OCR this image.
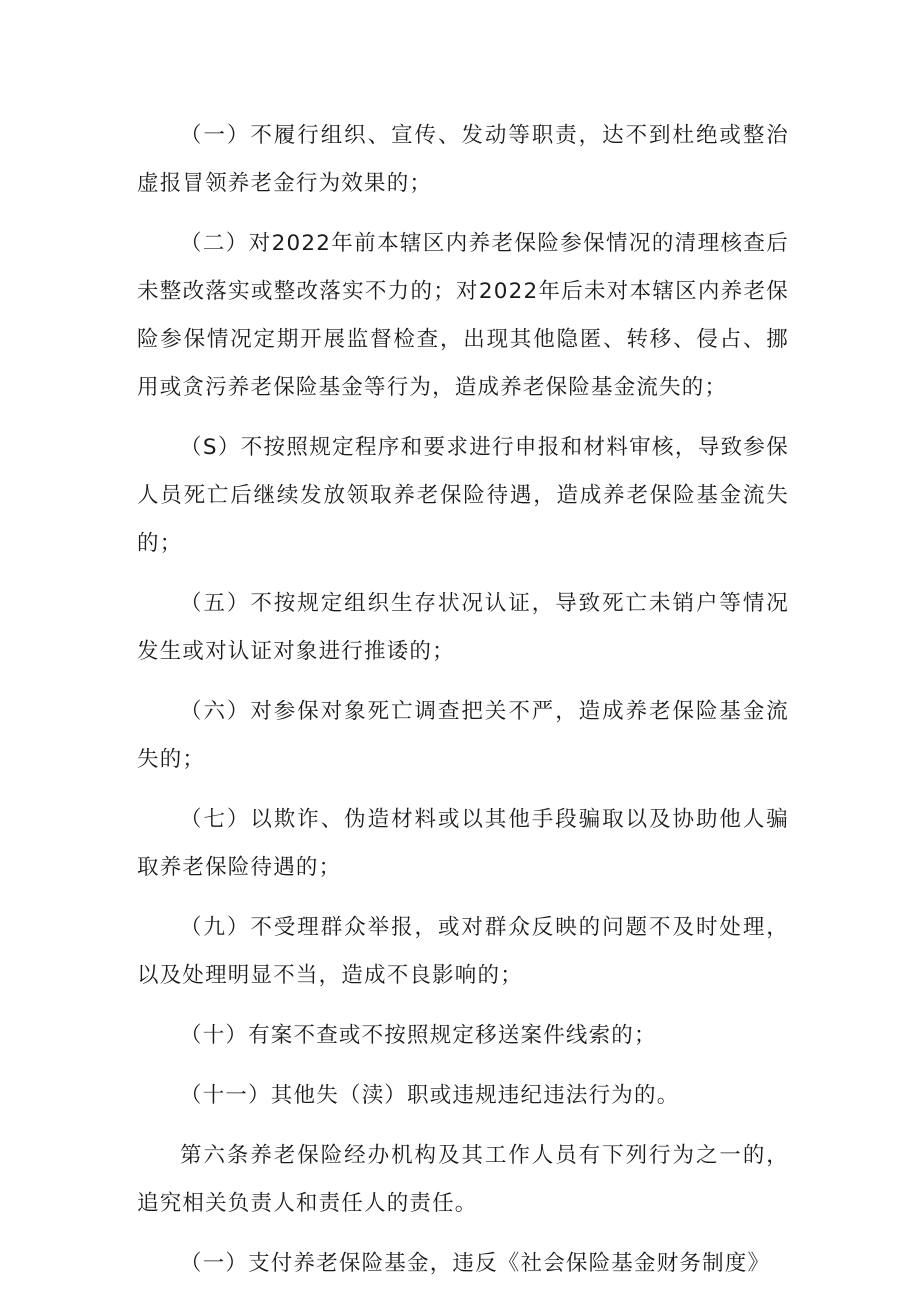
（一）不履行组织、宣传、发动等职责，达不到杜绝或整治虚报冒领养老金行为效果的；

（二）对2022年前本辖区内养老保险参保情况的清理核查后未整改落实或整改落实不力的；对2022年后未对本辖区内养老保险参保情况定期开展监督检查，出现其他隐匿、转移、侵占、挪用或贪污养老保险基金等行为，造成养老保险基金流失的；

（S）不按照规定程序和要求进行申报和材料审核，导致参保人员死亡后继续发放领取养老保险待遇，造成养老保险基金流失的；

（五）不按规定组织生存状况认证，导致死亡未销户等情况发生或对认证对象进行推诿的；

（六）对参保对象死亡调查把关不严，造成养老保险基金流失的；

（七）以欺诈、伪造材料或以其他手段骗取以及协助他人骗取养老保险待遇的；

（九）不受理群众举报，或对群众反映的问题不及时处理，以及处理明显不当，造成不良影响的；

（十）有案不查或不按照规定移送案件线索的；

（十一）其他失（渎）职或违规违纪违法行为的。

第六条养老保险经办机构及其工作人员有下列行为之一的，追究相关负责人和责任人的责任。

（一）支付养老保险基金，违反《社会保险基金财务制度》
